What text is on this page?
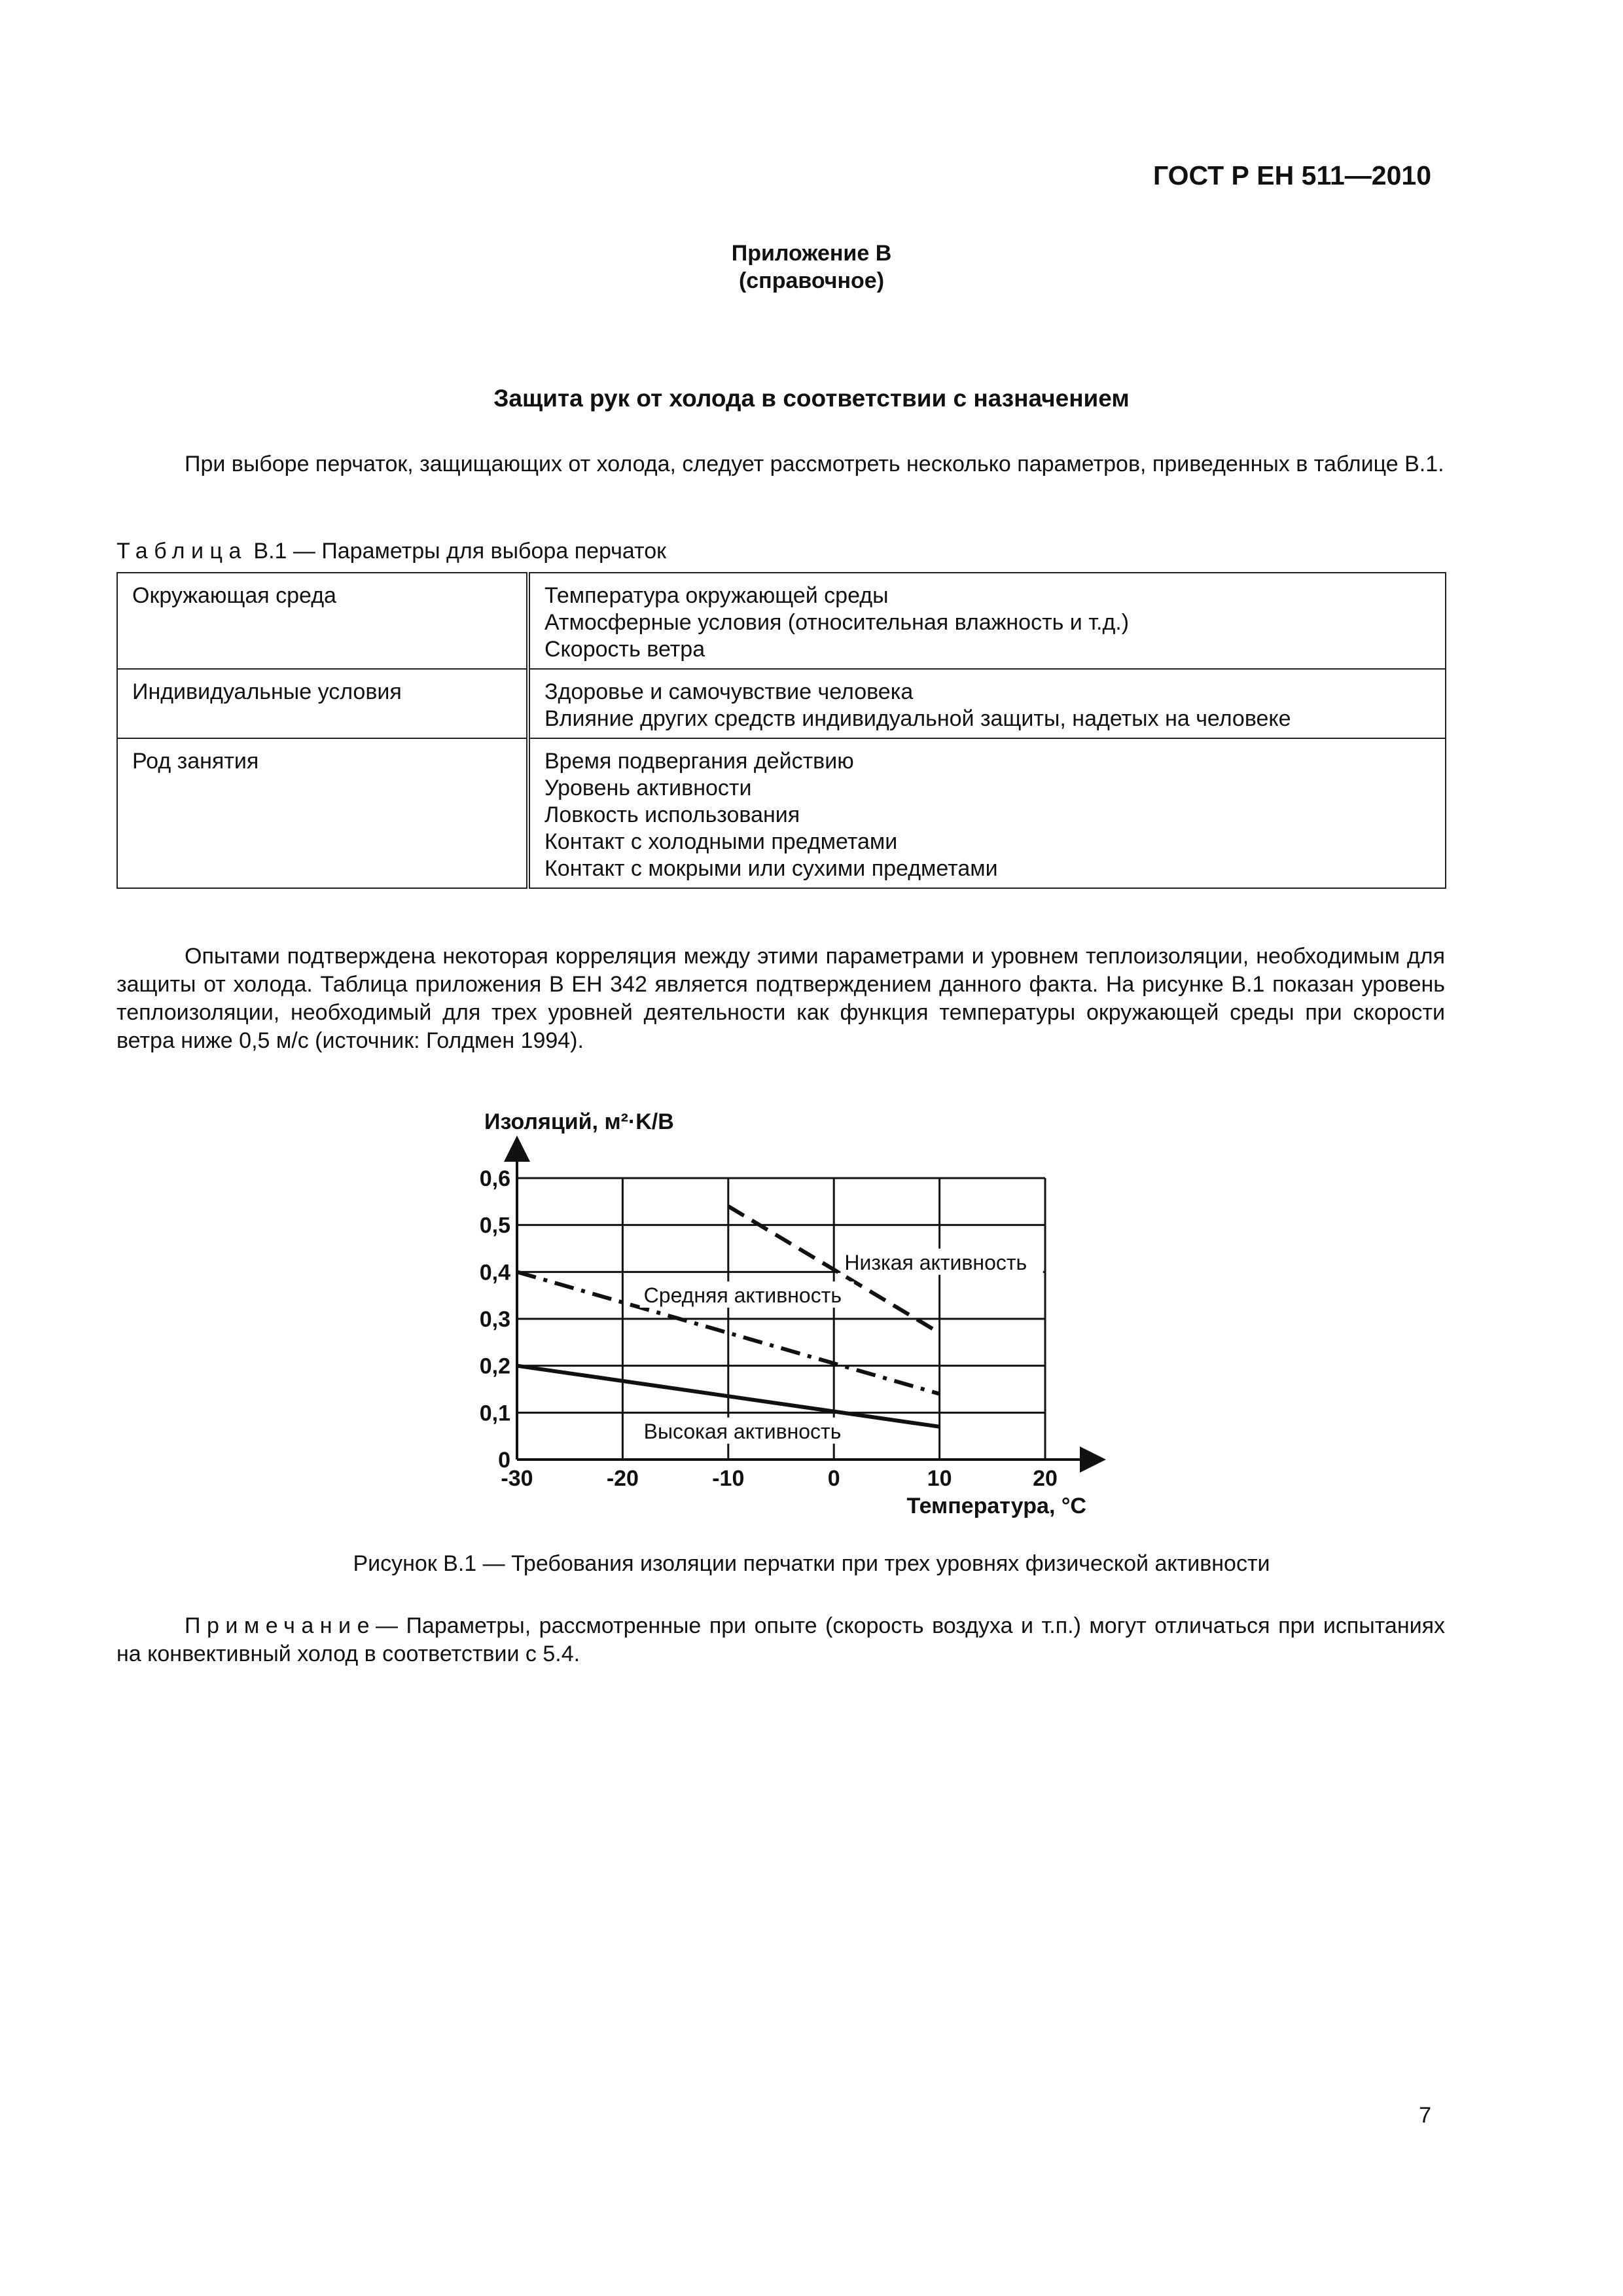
ГОСТ Р ЕН 511—2010
Приложение B
(справочное)
Защита рук от холода в соответствии с назначением
При выборе перчаток, защищающих от холода, следует рассмотреть несколько параметров, приведенных в таблице B.1.
Таблица B.1 — Параметры для выбора перчаток
Окружающая среда	Температура окружающей среды
Атмосферные условия (относительная влажность и т.д.)
Скорость ветра

Индивидуальные условия	Здоровье и самочувствие человека
Влияние других средств индивидуальной защиты, надетых на человеке

Род занятия	Время подвергания действию
Уровень активности
Ловкость использования
Контакт с холодными предметами
Контакт с мокрыми или сухими предметами
Опытами подтверждена некоторая корреляция между этими параметрами и уровнем теплоизоляции, необходимым для защиты от холода. Таблица приложения B ЕН 342 является подтверждением данного факта. На рисунке B.1 показан уровень теплоизоляции, необходимый для трех уровней деятельности как функция температуры окружающей среды при скорости ветра ниже 0,5 м/с (источник: Голдмен 1994).
-30	-20	-10	0	10	20
0
0,1
0,2
0,3
0,4
0,5
0,6
Низкая активность
Средняя активность
Высокая активность
Изоляций, м²·K/B
Температура, °C
Рисунок B.1 — Требования изоляции перчатки при трех уровнях физической активности
Примечание— Параметры, рассмотренные при опыте (скорость воздуха и т.п.) могут отличаться при испытаниях на конвективный холод в соответствии с 5.4.
7
